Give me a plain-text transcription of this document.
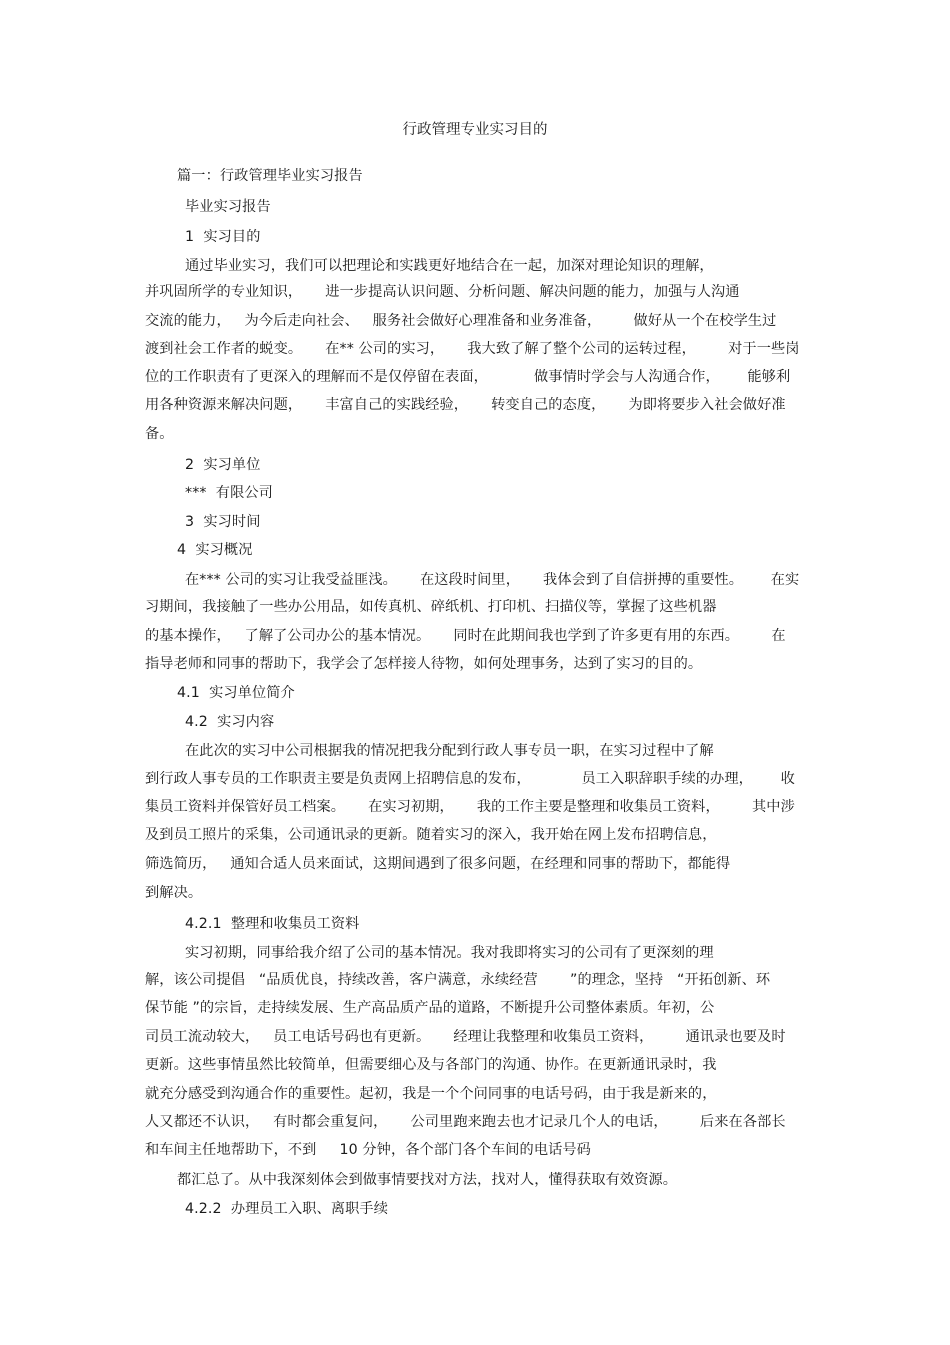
行政管理专业实习目的
篇一：行政管理毕业实习报告
毕业实习报告
1  实习目的
通过毕业实习，我们可以把理论和实践更好地结合在一起，加深对理论知识的理解，
并巩固所学的专业知识，     进一步提高认识问题、分析问题、解决问题的能力，加强与人沟通
交流的能力，   为今后走向社会、   服务社会做好心理准备和业务准备，       做好从一个在校学生过
渡到社会工作者的蜕变。     在** 公司的实习，     我大致了解了整个公司的运转过程，       对于一些岗
位的工作职责有了更深入的理解而不是仅停留在表面，          做事情时学会与人沟通合作，      能够利
用各种资源来解决问题，     丰富自己的实践经验，     转变自己的态度，     为即将要步入社会做好准
备。
2  实习单位
***  有限公司
3  实习时间
4  实习概况
在*** 公司的实习让我受益匪浅。     在这段时间里，     我体会到了自信拼搏的重要性。      在实
习期间，我接触了一些办公用品，如传真机、碎纸机、打印机、扫描仪等，掌握了这些机器
的基本操作，   了解了公司办公的基本情况。     同时在此期间我也学到了许多更有用的东西。       在
指导老师和同事的帮助下，我学会了怎样接人待物，如何处理事务，达到了实习的目的。
4.1  实习单位简介
4.2  实习内容
在此次的实习中公司根据我的情况把我分配到行政人事专员一职，在实习过程中了解
到行政人事专员的工作职责主要是负责网上招聘信息的发布，           员工入职辞职手续的办理，      收
集员工资料并保管好员工档案。     在实习初期，     我的工作主要是整理和收集员工资料，       其中涉
及到员工照片的采集，公司通讯录的更新。随着实习的深入，我开始在网上发布招聘信息，
筛选简历，   通知合适人员来面试，这期间遇到了很多问题，在经理和同事的帮助下，都能得
到解决。
4.2.1  整理和收集员工资料
实习初期，同事给我介绍了公司的基本情况。我对我即将实习的公司有了更深刻的理
解，该公司提倡   “品质优良，持续改善，客户满意，永续经营       ”的理念，坚持   “开拓创新、环
保节能 ”的宗旨，走持续发展、生产高品质产品的道路，不断提升公司整体素质。年初，公
司员工流动较大，   员工电话号码也有更新。     经理让我整理和收集员工资料，       通讯录也要及时
更新。这些事情虽然比较简单，但需要细心及与各部门的沟通、协作。在更新通讯录时，我
就充分感受到沟通合作的重要性。起初，我是一个个问同事的电话号码，由于我是新来的，
人又都还不认识，   有时都会重复问，     公司里跑来跑去也才记录几个人的电话，       后来在各部长
和车间主任地帮助下，不到     10 分钟，各个部门各个车间的电话号码
都汇总了。从中我深刻体会到做事情要找对方法，找对人，懂得获取有效资源。
4.2.2  办理员工入职、离职手续
